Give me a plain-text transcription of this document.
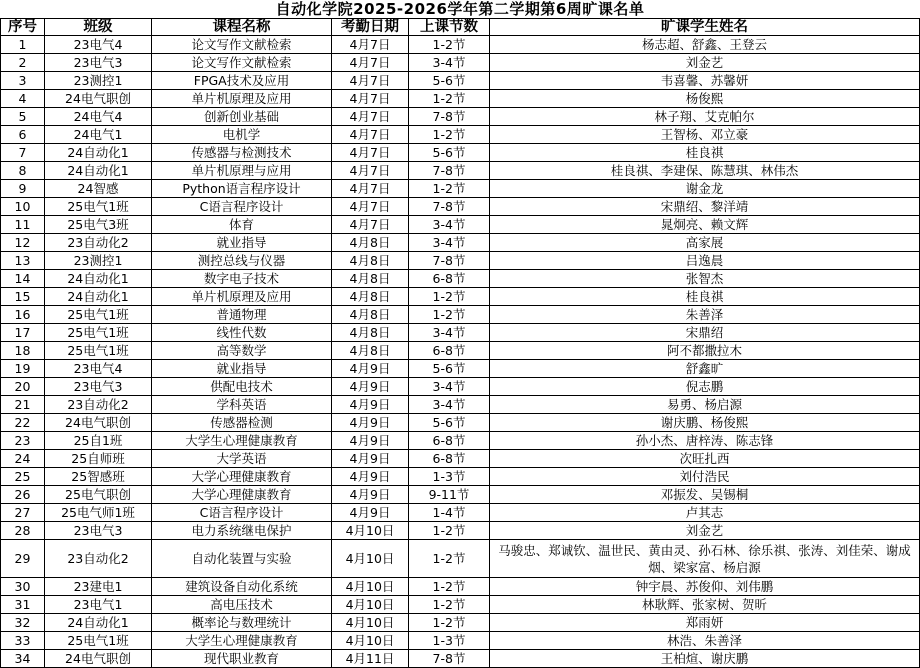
自动化学院2025-2026学年第二学期第6周旷课名单
序号	班级	课程名称	考勤日期	上课节数	旷课学生姓名
1	23电气4	论文写作文献检索	4月7日	1-2节	杨志超、舒鑫、王登云
2	23电气3	论文写作文献检索	4月7日	3-4节	刘金艺
3	23测控1	FPGA技术及应用	4月7日	5-6节	韦喜馨、苏馨妍
4	24电气职创	单片机原理及应用	4月7日	1-2节	杨俊熙
5	24电气4	创新创业基础	4月7日	7-8节	林子翔、艾克帕尔
6	24电气1	电机学	4月7日	1-2节	王智杨、邓立豪
7	24自动化1	传感器与检测技术	4月7日	5-6节	桂良祺
8	24自动化1	单片机原理与应用	4月7日	7-8节	桂良祺、李建保、陈慧琪、林伟杰
9	24智感	Python语言程序设计	4月7日	1-2节	谢金龙
10	25电气1班	C语言程序设计	4月7日	7-8节	宋鼎绍、黎洋靖
11	25电气3班	体育	4月7日	3-4节	晁炯亮、赖文辉
12	23自动化2	就业指导	4月8日	3-4节	高家展
13	23测控1	测控总线与仪器	4月8日	7-8节	吕逸晨
14	24自动化1	数字电子技术	4月8日	6-8节	张智杰
15	24自动化1	单片机原理及应用	4月8日	1-2节	桂良祺
16	25电气1班	普通物理	4月8日	1-2节	朱善泽
17	25电气1班	线性代数	4月8日	3-4节	宋鼎绍
18	25电气1班	高等数学	4月8日	6-8节	阿不都撒拉木
19	23电气4	就业指导	4月9日	5-6节	舒鑫旷
20	23电气3	供配电技术	4月9日	3-4节	倪志鹏
21	23自动化2	学科英语	4月9日	3-4节	易勇、杨启源
22	24电气职创	传感器检测	4月9日	5-6节	谢庆鹏、杨俊熙
23	25自1班	大学生心理健康教育	4月9日	6-8节	孙小杰、唐梓涛、陈志锋
24	25自师班	大学英语	4月9日	6-8节	次旺扎西
25	25智感班	大学心理健康教育	4月9日	1-3节	刘付浩民
26	25电气职创	大学心理健康教育	4月9日	9-11节	邓振发、吴锡桐
27	25电气师1班	C语言程序设计	4月9日	1-4节	卢其志
28	23电气3	电力系统继电保护	4月10日	1-2节	刘金艺
29	23自动化2	自动化装置与实验	4月10日	1-2节	马骏忠、郑诚钦、温世民、黄由灵、孙石林、徐乐祺、张涛、刘佳荣、谢成烟、梁家富、杨启源
30	23建电1	建筑设备自动化系统	4月10日	1-2节	钟宇晨、苏俊仰、刘伟鹏
31	23电气1	高电压技术	4月10日	1-2节	林耿辉、张家树、贺昕
32	24自动化1	概率论与数理统计	4月10日	1-2节	郑雨妍
33	25电气1班	大学生心理健康教育	4月10日	1-3节	林浩、朱善泽
34	24电气职创	现代职业教育	4月11日	7-8节	王柏煊、谢庆鹏
